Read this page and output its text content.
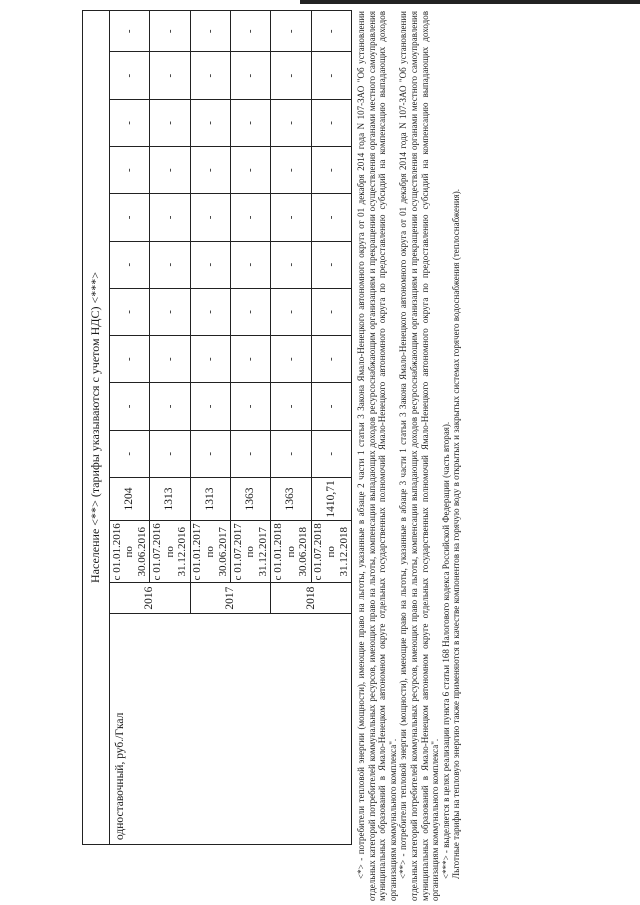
Население <**> (тарифы указываются с учетом НДС) <***>													
одноставочный, руб./Гкал	2016	с 01.01.2016 по 30.06.2016	1204	-	-	-	-	-	-	-	-	-	-
		с 01.07.2016 по 31.12.2016	1313	-	-	-	-	-	-	-	-	-	-
	2017	с 01.01.2017 по 30.06.2017	1313	-	-	-	-	-	-	-	-	-	-
		с 01.07.2017 по 31.12.2017	1363	-	-	-	-	-	-	-	-	-	-
	2018	с 01.01.2018 по 30.06.2018	1363	-	-	-	-	-	-	-	-	-	-
		с 01.07.2018 по 31.12.2018	1410,71	-	-	-	-	-	-	-	-	-	- <*> - потребители тепловой энергии (мощности), имеющие право на льготы, указанные в абзаце 2 части 1 статьи 3 Закона Ямало-Ненецкого автономного округа от 01 декабря 2014 года N 107-ЗАО "Об установлении отдельных категорий потребителей коммунальных ресурсов, имеющих право на льготы, компенсации выпадающих доходов ресурсоснабжающим организациям и прекращении осуществления органами местного самоуправления муниципальных образований в Ямало-Ненецком автономном округе отдельных государственных полномочий Ямало-Ненецкого автономного округа по предоставлению субсидий на компенсацию выпадающих доходов организациям коммунального комплекса". <**> - потребители тепловой энергии (мощности), имеющие право на льготы, указанные в абзаце 3 части 1 статьи 3 Закона Ямало-Ненецкого автономного округа от 01 декабря 2014 года N 107-ЗАО "Об установлении отдельных категорий потребителей коммунальных ресурсов, имеющих право на льготы, компенсации выпадающих доходов ресурсоснабжающим организациям и прекращении осуществления органами местного самоуправления муниципальных образований в Ямало-Ненецком автономном округе отдельных государственных полномочий Ямало-Ненецкого автономного округа по предоставлению субсидий на компенсацию выпадающих доходов организациям коммунального комплекса". <***> - выделяется в целях реализации пункта 6 статьи 168 Налогового кодекса Российской Федерации (часть вторая). Льготные тарифы на тепловую энергию также применяются в качестве компонентов на горячую воду в открытых и закрытых системах горячего водоснабжения (теплоснабжения).
